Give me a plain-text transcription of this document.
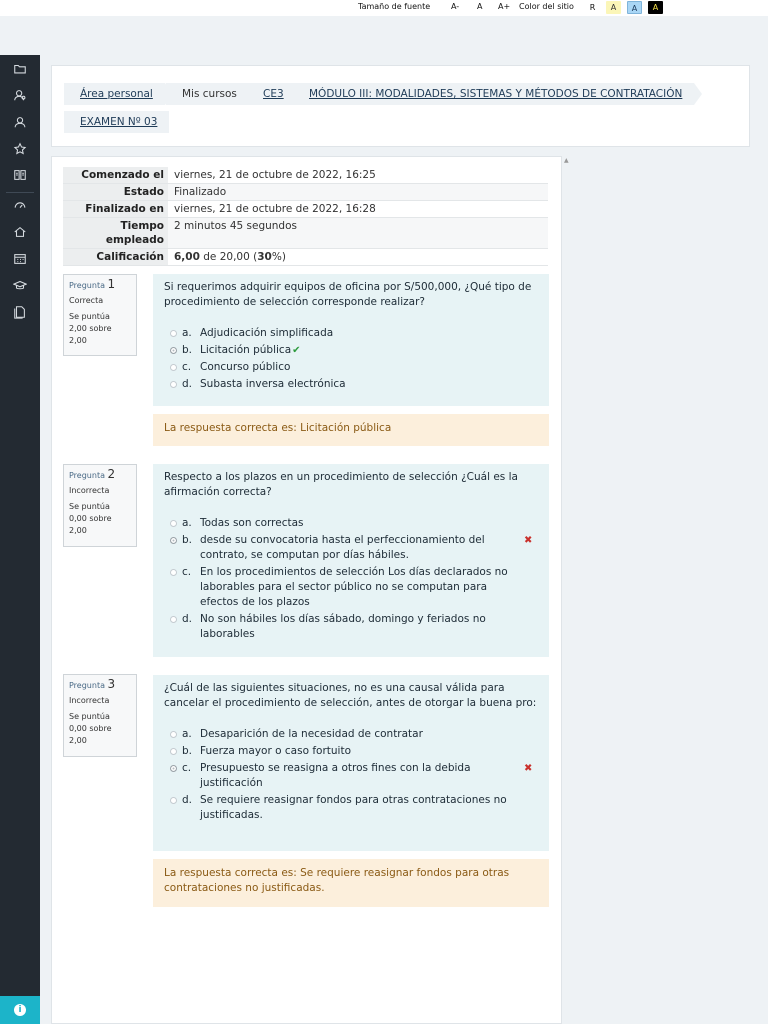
Tamaño de fuente	A- A A+ Color del sitio	R	A	A	A
i
Área personal	Mis cursos	CE3	MÓDULO III: MODALIDADES, SISTEMAS Y MÉTODOS DE CONTRATACIÓN
EXAMEN Nº 03
▲
Comenzado el viernes, 21 de octubre de 2022, 16:25
Estado Finalizado
Finalizado en viernes, 21 de octubre de 2022, 16:28
Tiempo empleado
2 minutos 45 segundos
Calificación 6,00 de 20,00 (30%)
Pregunta 1
Correcta
Se puntúa 2,00 sobre 2,00
Si requerimos adquirir equipos de oficina por S/500,000, ¿Qué tipo de procedimiento de selección corresponde realizar?
a. Adjudicación simplificada
b. Licitación pública✔
c. Concurso público
d. Subasta inversa electrónica
La respuesta correcta es: Licitación pública
Pregunta 2
Incorrecta
Se puntúa 0,00 sobre 2,00
Respecto a los plazos en un procedimiento de selección ¿Cuál es la afirmación correcta?
a. Todas son correctas
b. desde su convocatoria hasta el perfeccionamiento del contrato, se computan por días hábiles.
✖
c. En los procedimientos de selección Los días declarados no laborables para el sector público no se computan para efectos de los plazos
d. No son hábiles los días sábado, domingo y feriados no laborables
Pregunta 3
Incorrecta
Se puntúa 0,00 sobre 2,00
¿Cuál de las siguientes situaciones, no es una causal válida para cancelar el procedimiento de selección, antes de otorgar la buena pro:
a. Desaparición de la necesidad de contratar
b. Fuerza mayor o caso fortuito
c. Presupuesto se reasigna a otros fines con la debida justificación
✖
d. Se requiere reasignar fondos para otras contrataciones no justificadas.
La respuesta correcta es: Se requiere reasignar fondos para otras contrataciones no justificadas.
